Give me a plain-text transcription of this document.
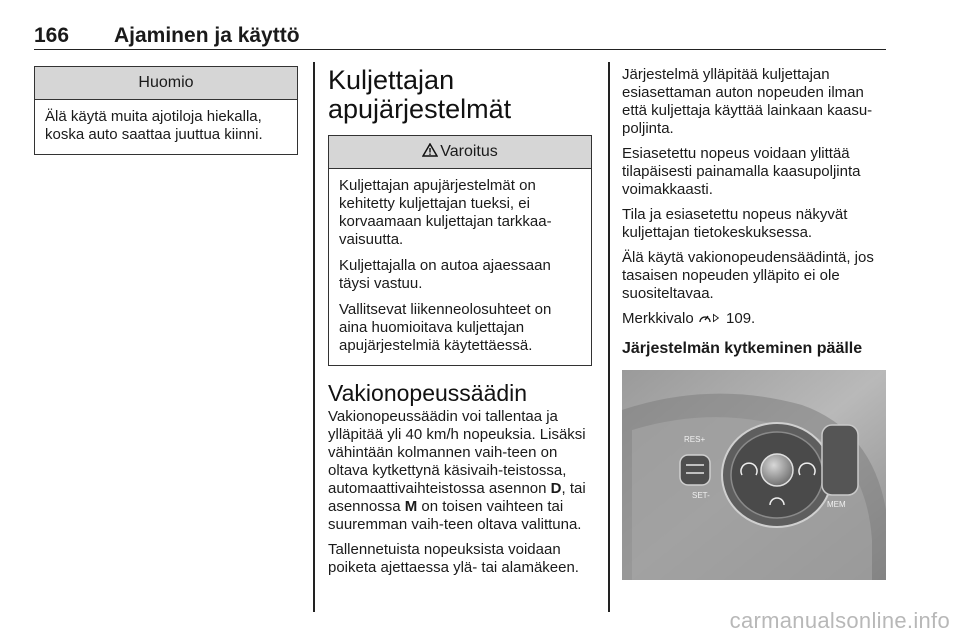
166 Ajaminen ja käyttö
Huomio

Älä käytä muita ajotiloja hiekalla, koska auto saattaa juuttua kiinni.

Kuljettajan
apujärjestelmät
Varoitus

Kuljettajan apujärjestelmät on kehitetty kuljettajan tueksi, ei korvaamaan kuljettajan tarkkaa-vaisuutta.

Kuljettajalla on autoa ajaessaan täysi vastuu.

Vallitsevat liikenneolosuhteet on aina huomioitava kuljettajan apujärjestelmiä käytettäessä.

Vakionopeussäädin

Vakionopeussäädin voi tallentaa ja ylläpitää yli 40 km/h nopeuksia. Lisäksi vähintään kolmannen vaih-teen on oltava kytkettynä käsivaih-teistossa, automaattivaihteistossa asennon D, tai asennossa M on toisen vaihteen tai suuremman vaih-teen oltava valittuna.

Tallennetuista nopeuksista voidaan poiketa ajettaessa ylä- tai alamäkeen.

Järjestelmä ylläpitää kuljettajan esiasettaman auton nopeuden ilman että kuljettaja käyttää lainkaan kaasu-poljinta.

Esiasetettu nopeus voidaan ylittää tilapäisesti painamalla kaasupoljinta voimakkaasti.

Tila ja esiasetettu nopeus näkyvät kuljettajan tietokeskuksessa.

Älä käytä vakionopeudensäädintä, jos tasaisen nopeuden ylläpito ei ole suositeltavaa.

Merkkivalo  109.

Järjestelmän kytkeminen päälle

RES+
SET-
MEM
carmanualsonline.info
